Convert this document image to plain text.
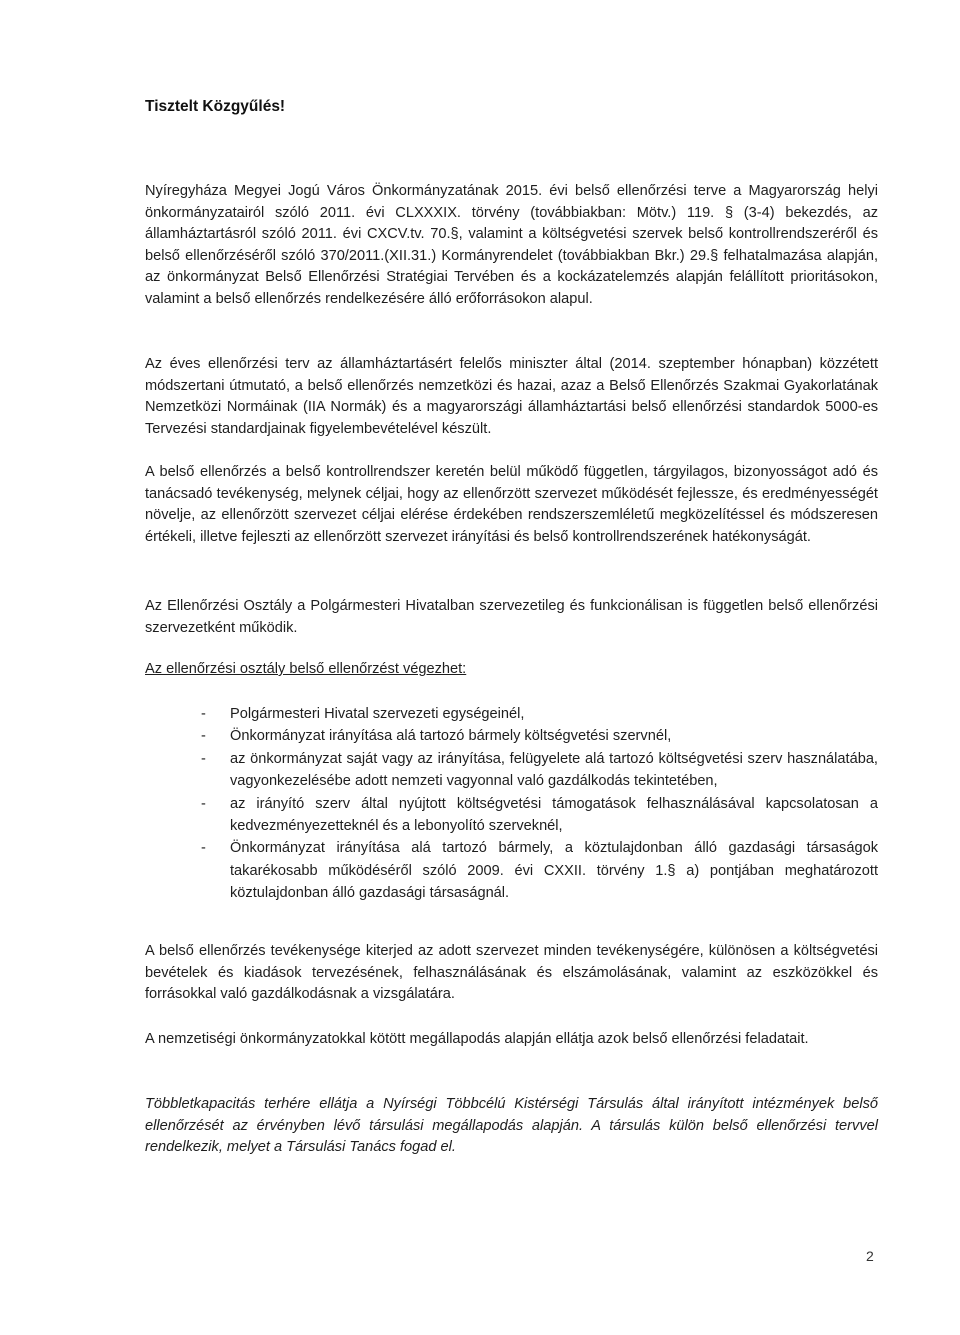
Tisztelt Közgyűlés!
Nyíregyháza Megyei Jogú Város Önkormányzatának 2015. évi belső ellenőrzési terve a Magyarország helyi önkormányzatairól szóló 2011. évi CLXXXIX. törvény (továbbiakban: Mötv.) 119. § (3-4) bekezdés, az államháztartásról szóló 2011. évi CXCV.tv. 70.§, valamint a költségvetési szervek belső kontrollrendszeréről és belső ellenőrzéséről szóló 370/2011.(XII.31.) Kormányrendelet (továbbiakban Bkr.) 29.§ felhatalmazása alapján, az önkormányzat Belső Ellenőrzési Stratégiai Tervében és a kockázatelemzés alapján felállított prioritásokon, valamint a belső ellenőrzés rendelkezésére álló erőforrásokon alapul.
Az éves ellenőrzési terv az államháztartásért felelős miniszter által (2014. szeptember hónapban) közzétett módszertani útmutató, a belső ellenőrzés nemzetközi és hazai, azaz a Belső Ellenőrzés Szakmai Gyakorlatának Nemzetközi Normáinak (IIA Normák) és a magyarországi államháztartási belső ellenőrzési standardok 5000-es Tervezési standardjainak figyelembevételével készült.
A belső ellenőrzés a belső kontrollrendszer keretén belül működő független, tárgyilagos, bizonyosságot adó és tanácsadó tevékenység, melynek céljai, hogy az ellenőrzött szervezet működését fejlessze, és eredményességét növelje, az ellenőrzött szervezet céljai elérése érdekében rendszerszemléletű megközelítéssel és módszeresen értékeli, illetve fejleszti az ellenőrzött szervezet irányítási és belső kontrollrendszerének hatékonyságát.
Az Ellenőrzési Osztály a Polgármesteri Hivatalban szervezetileg és funkcionálisan is független belső ellenőrzési szervezetként működik.
Az ellenőrzési osztály belső ellenőrzést végezhet:
- Polgármesteri Hivatal szervezeti egységeinél,
- Önkormányzat irányítása alá tartozó bármely költségvetési szervnél,
- az önkormányzat saját vagy az irányítása, felügyelete alá tartozó költségvetési szerv használatába, vagyonkezelésébe adott nemzeti vagyonnal való gazdálkodás tekintetében,
- az irányító szerv által nyújtott költségvetési támogatások felhasználásával kapcsolatosan a kedvezményezetteknél és a lebonyolító szerveknél,
- Önkormányzat irányítása alá tartozó bármely, a köztulajdonban álló gazdasági társaságok takarékosabb működéséről szóló 2009. évi CXXII. törvény 1.§ a) pontjában meghatározott köztulajdonban álló gazdasági társaságnál.
A belső ellenőrzés tevékenysége kiterjed az adott szervezet minden tevékenységére, különösen a költségvetési bevételek és kiadások tervezésének, felhasználásának és elszámolásának, valamint az eszközökkel és forrásokkal való gazdálkodásnak a vizsgálatára.
A nemzetiségi önkormányzatokkal kötött megállapodás alapján ellátja azok belső ellenőrzési feladatait.
Többletkapacitás terhére ellátja a Nyírségi Többcélú Kistérségi Társulás által irányított intézmények belső ellenőrzését az érvényben lévő társulási megállapodás alapján. A társulás külön belső ellenőrzési tervvel rendelkezik, melyet a Társulási Tanács fogad el.
2
